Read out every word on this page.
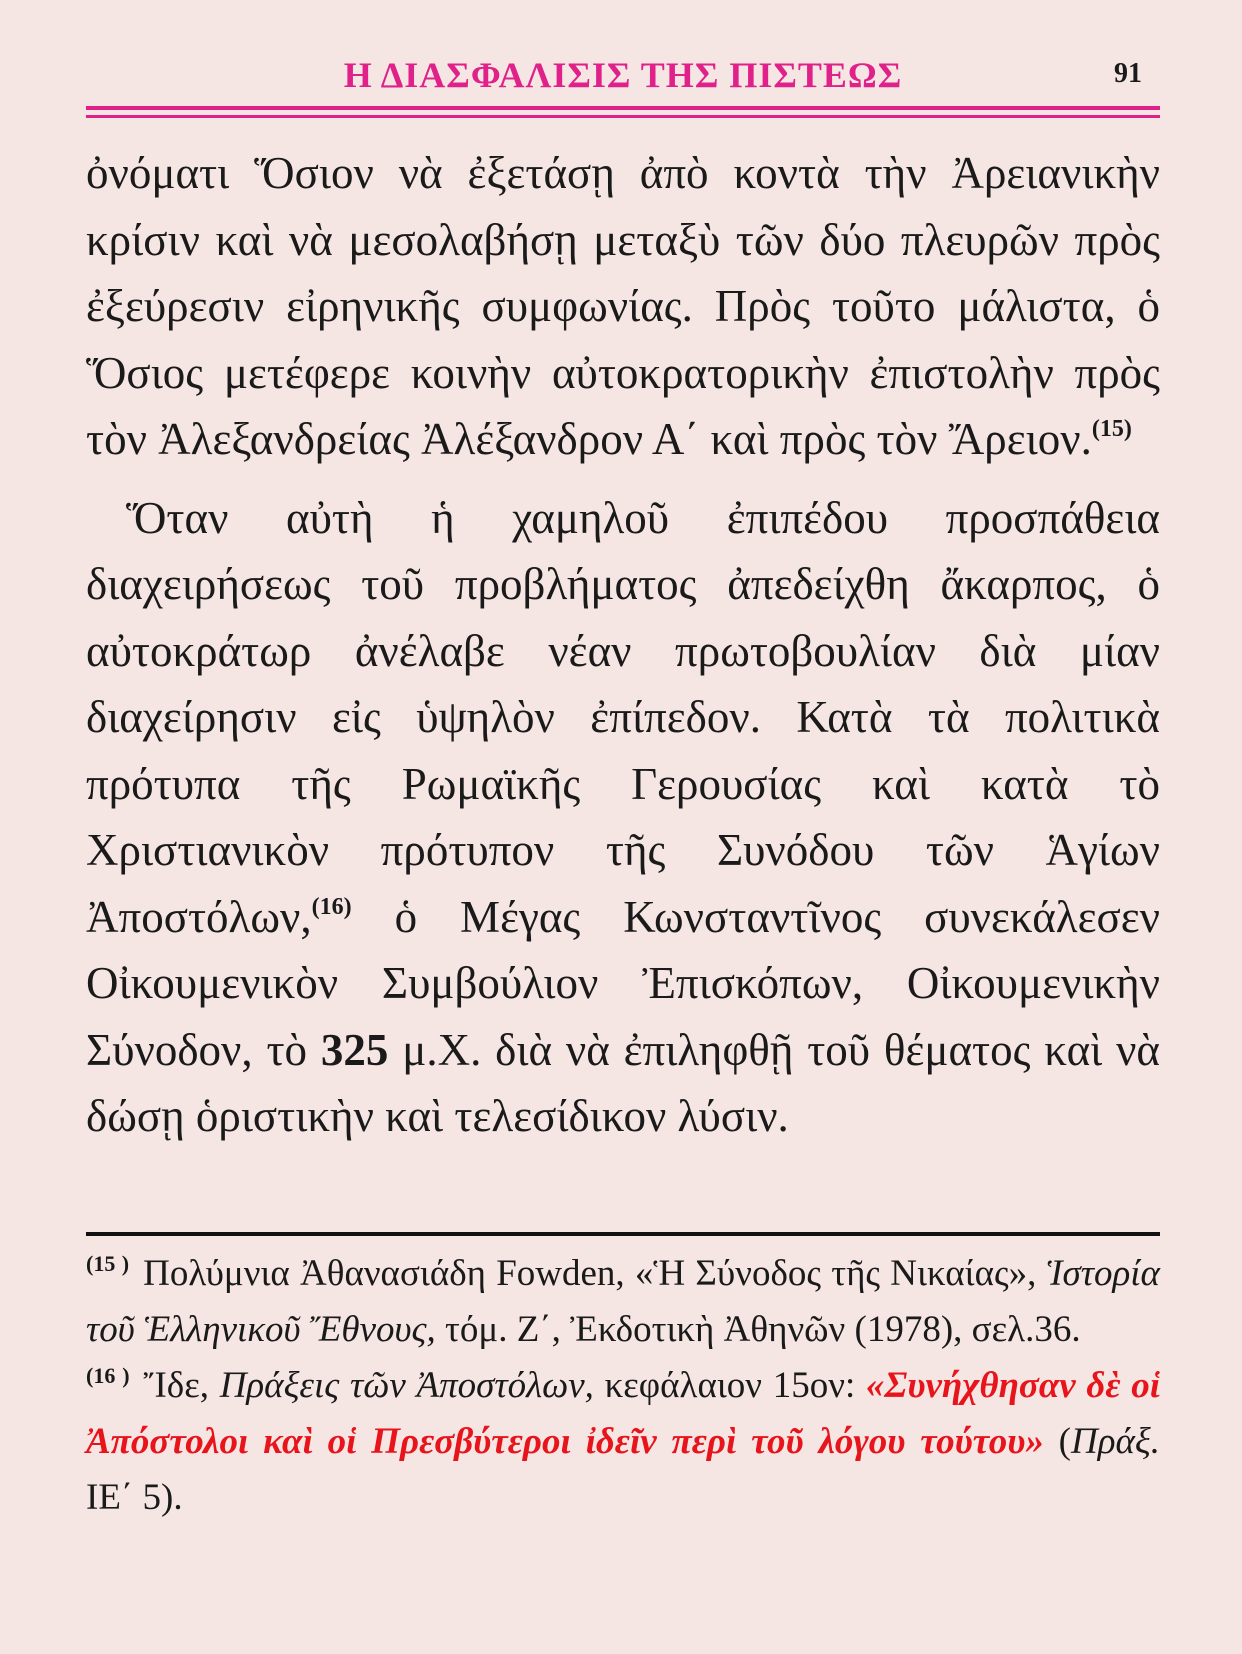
Η ΔΙΑΣΦΑΛΙΣΙΣ ΤΗΣ ΠΙΣΤΕΩΣ	91

ὀνόματι Ὅσιον νὰ ἐξετάσῃ ἀπὸ κοντὰ τὴν Ἀρειανικὴν κρίσιν καὶ νὰ μεσολαβήσῃ μεταξὺ τῶν δύο πλευρῶν πρὸς ἐξεύρεσιν εἰρηνικῆς συμφωνίας. Πρὸς τοῦτο μάλιστα, ὁ Ὅσιος μετέφερε κοινὴν αὐτοκρατορικὴν ἐπιστολὴν πρὸς τὸν Ἀλεξανδρείας Ἀλέξανδρον Α΄ καὶ πρὸς τὸν Ἄρειον.$^{(15)}$

Ὅταν αὐτὴ ἡ χαμηλοῦ ἐπιπέδου προσπάθεια διαχειρήσεως τοῦ προβλήματος ἀπεδείχθη ἄκαρπος, ὁ αὐτοκράτωρ ἀνέλαβε νέαν πρωτοβουλίαν διὰ μίαν διαχείρησιν εἰς ὑψηλὸν ἐπίπεδον. Κατὰ τὰ πολιτικὰ πρότυπα τῆς Ρωμαϊκῆς Γερουσίας καὶ κατὰ τὸ Χριστιανικὸν πρότυπον τῆς Συνόδου τῶν Ἁγίων Ἀποστόλων,$^{(16)}$ ὁ Μέγας Κωνσταντῖνος συνεκάλεσεν Οἰκουμενικὸν Συμβούλιον Ἐπισκόπων, Οἰκουμενικὴν Σύνοδον, τὸ 325 μ.Χ. διὰ νὰ ἐπιληφθῇ τοῦ θέματος καὶ νὰ δώσῃ ὁριστικὴν καὶ τελεσίδικον λύσιν.

$^{(15 )}$ Πολύμνια Ἀθανασιάδη Fowden, «Ἡ Σύνοδος τῆς Νικαίας», Ἱστορία τοῦ Ἑλληνικοῦ Ἔθνους, τόμ. Ζ΄, Ἐκδοτικὴ Ἀθηνῶν (1978), σελ.36.

$^{(16 )}$ Ἴδε, Πράξεις τῶν Ἀποστόλων, κεφάλαιον 15ον: «Συνήχθησαν δὲ οἱ Ἀπόστολοι καὶ οἱ Πρεσβύτεροι ἰδεῖν περὶ τοῦ λόγου τούτου» (Πράξ. ΙΕ΄ 5).
